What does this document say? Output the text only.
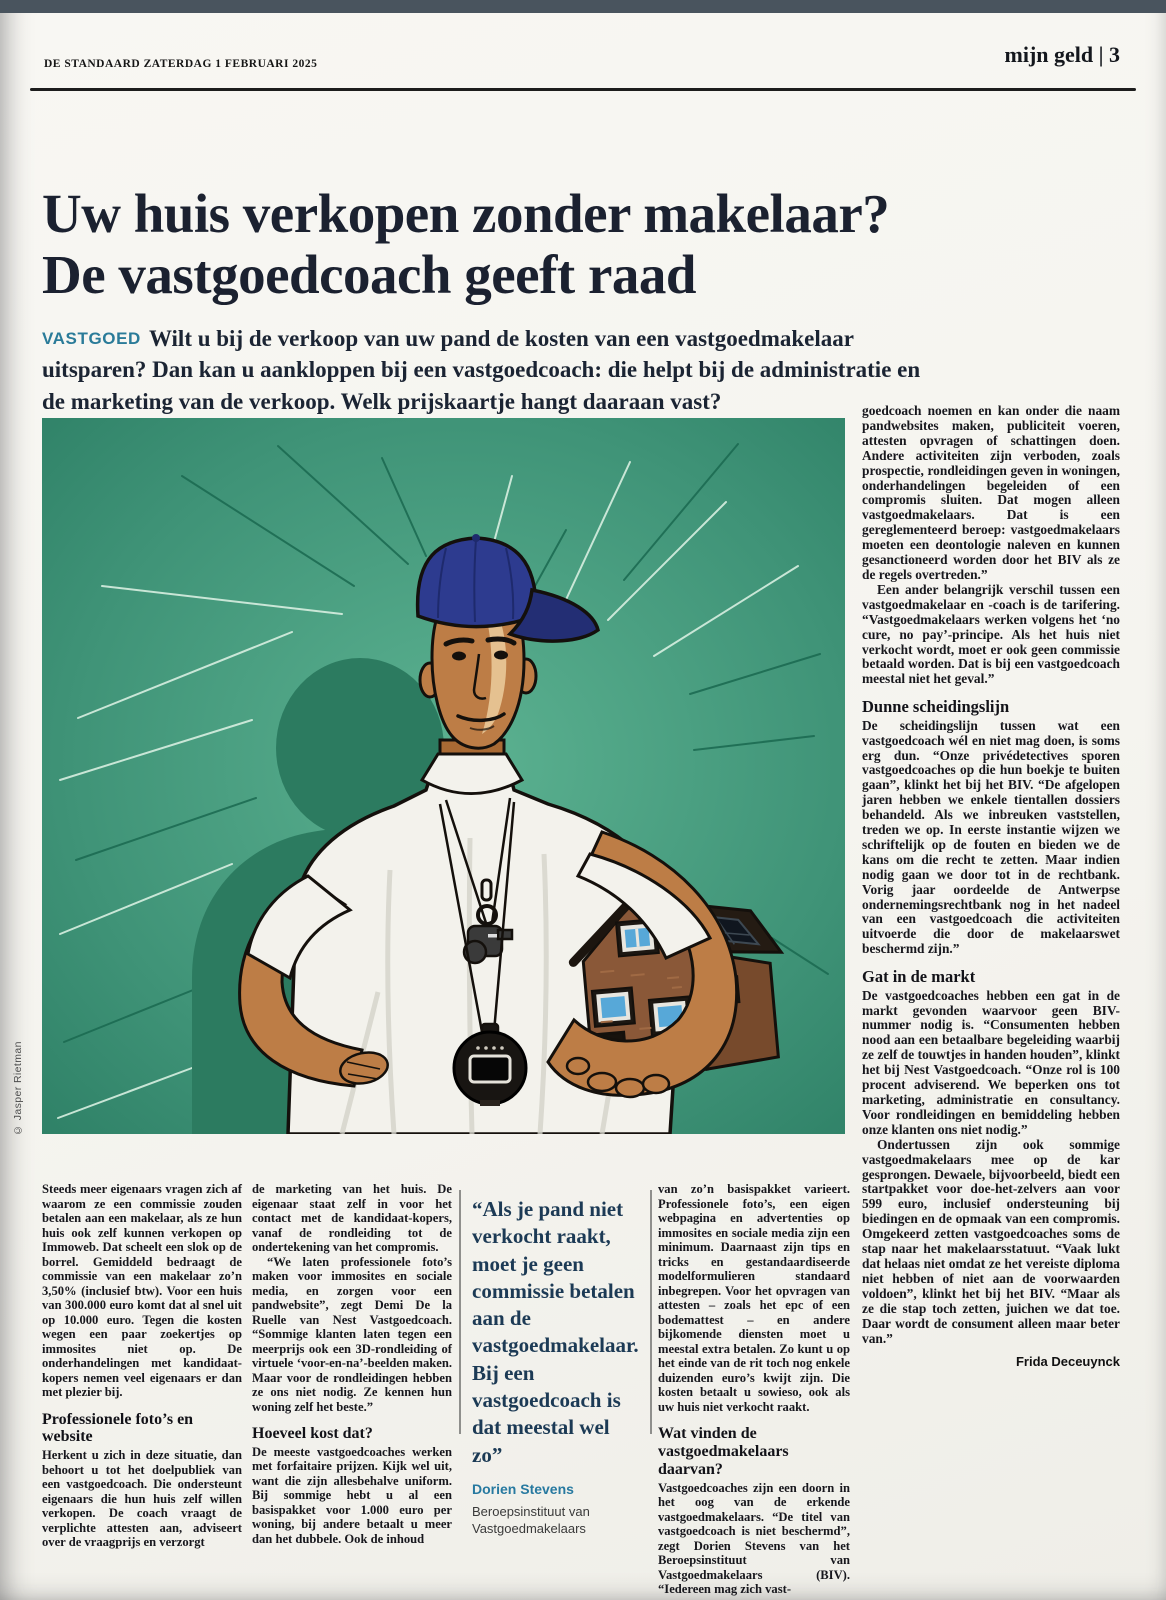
DE STANDAARD ZATERDAG 1 FEBRUARI 2025	mijn geld | 3
Uw huis verkopen zonder makelaar?
De vastgoedcoach geeft raad

VASTGOED Wilt u bij de verkoop van uw pand de kosten van een vastgoedmakelaar uitsparen? Dan kan u aankloppen bij een vastgoedcoach: die helpt bij de administratie en de marketing van de verkoop. Welk prijskaartje hangt daaraan vast?

© Jasper Rietman

goedcoach noemen en kan onder die naam pandwebsites maken, publiciteit voeren, attesten opvragen of schattingen doen. Andere activiteiten zijn verboden, zoals prospectie, rondleidingen geven in woningen, onderhandelingen begeleiden of een compromis sluiten. Dat mogen alleen vastgoedmakelaars. Dat is een gereglementeerd beroep: vastgoedmakelaars moeten een deontologie naleven en kunnen gesanctioneerd worden door het BIV als ze de regels overtreden.”

Een ander belangrijk verschil tussen een vastgoedmakelaar en -coach is de tarifering. “Vastgoedmakelaars werken volgens het ‘no cure, no pay’-principe. Als het huis niet verkocht wordt, moet er ook geen commissie betaald worden. Dat is bij een vastgoedcoach meestal niet het geval.”

Dunne scheidingslijn

De scheidingslijn tussen wat een vastgoedcoach wél en niet mag doen, is soms erg dun. “Onze privédetectives sporen vastgoedcoaches op die hun boekje te buiten gaan”, klinkt het bij het BIV. “De afgelopen jaren hebben we enkele tientallen dossiers behandeld. Als we inbreuken vaststellen, treden we op. In eerste instantie wijzen we schriftelijk op de fouten en bieden we de kans om die recht te zetten. Maar indien nodig gaan we door tot in de rechtbank. Vorig jaar oordeelde de Antwerpse ondernemingsrechtbank nog in het nadeel van een vastgoedcoach die activiteiten uitvoerde die door de makelaarswet beschermd zijn.”

Gat in de markt

De vastgoedcoaches hebben een gat in de markt gevonden waarvoor geen BIV-nummer nodig is. “Consumenten hebben nood aan een betaalbare begeleiding waarbij ze zelf de touwtjes in handen houden”, klinkt het bij Nest Vastgoedcoach. “Onze rol is 100 procent adviserend. We beperken ons tot marketing, administratie en consultancy. Voor rondleidingen en bemiddeling hebben onze klanten ons niet nodig.”

Ondertussen zijn ook sommige vastgoedmakelaars mee op de kar gesprongen. Dewaele, bijvoorbeeld, biedt een startpakket voor doe-het-zelvers aan voor 599 euro, inclusief ondersteuning bij biedingen en de opmaak van een compromis. Omgekeerd zetten vastgoedcoaches soms de stap naar het makelaarsstatuut. “Vaak lukt dat helaas niet omdat ze het vereiste diploma niet hebben of niet aan de voorwaarden voldoen”, klinkt het bij het BIV. “Maar als ze die stap toch zetten, juichen we dat toe. Daar wordt de consument alleen maar beter van.”

Frida Deceuynck

Steeds meer eigenaars vragen zich af waarom ze een commissie zouden betalen aan een makelaar, als ze hun huis ook zelf kunnen verkopen op Immoweb. Dat scheelt een slok op de borrel. Gemiddeld bedraagt de commissie van een makelaar zo’n 3,50% (inclusief btw). Voor een huis van 300.000 euro komt dat al snel uit op 10.000 euro. Tegen die kosten wegen een paar zoekertjes op immosites niet op. De onderhandelingen met kandidaat-kopers nemen veel eigenaars er dan met plezier bij.

Professionele foto’s en website

Herkent u zich in deze situatie, dan behoort u tot het doelpubliek van een vastgoedcoach. Die ondersteunt eigenaars die hun huis zelf willen verkopen. De coach vraagt de verplichte attesten aan, adviseert over de vraagprijs en verzorgt

de marketing van het huis. De eigenaar staat zelf in voor het contact met de kandidaat-kopers, vanaf de rondleiding tot de ondertekening van het compromis.

“We laten professionele foto’s maken voor immosites en sociale media, en zorgen voor een pandwebsite”, zegt Demi De la Ruelle van Nest Vastgoedcoach. “Sommige klanten laten tegen een meerprijs ook een 3D-rondleiding of virtuele ‘voor-en-na’-beelden maken. Maar voor de rondleidingen hebben ze ons niet nodig. Ze kennen hun woning zelf het beste.”

Hoeveel kost dat?

De meeste vastgoedcoaches werken met forfaitaire prijzen. Kijk wel uit, want die zijn allesbehalve uniform. Bij sommige hebt u al een basispakket voor 1.000 euro per woning, bij andere betaalt u meer dan het dubbele. Ook de inhoud

“Als je pand niet verkocht raakt, moet je geen commissie betalen aan de vastgoedmakelaar. Bij een vastgoedcoach is dat meestal wel zo”

Dorien Stevens
Beroepsinstituut van Vastgoedmakelaars

van zo’n basispakket varieert. Professionele foto’s, een eigen webpagina en advertenties op immosites en sociale media zijn een minimum. Daarnaast zijn tips en tricks en gestandaardiseerde modelformulieren standaard inbegrepen. Voor het opvragen van attesten – zoals het epc of een bodemattest – en andere bijkomende diensten moet u meestal extra betalen. Zo kunt u op het einde van de rit toch nog enkele duizenden euro’s kwijt zijn. Die kosten betaalt u sowieso, ook als uw huis niet verkocht raakt.

Wat vinden de vastgoedmakelaars daarvan?

Vastgoedcoaches zijn een doorn in het oog van de erkende vastgoedmakelaars. “De titel van vastgoedcoach is niet beschermd”, zegt Dorien Stevens van het Beroepsinstituut van Vastgoedmakelaars (BIV). “Iedereen mag zich vast-
